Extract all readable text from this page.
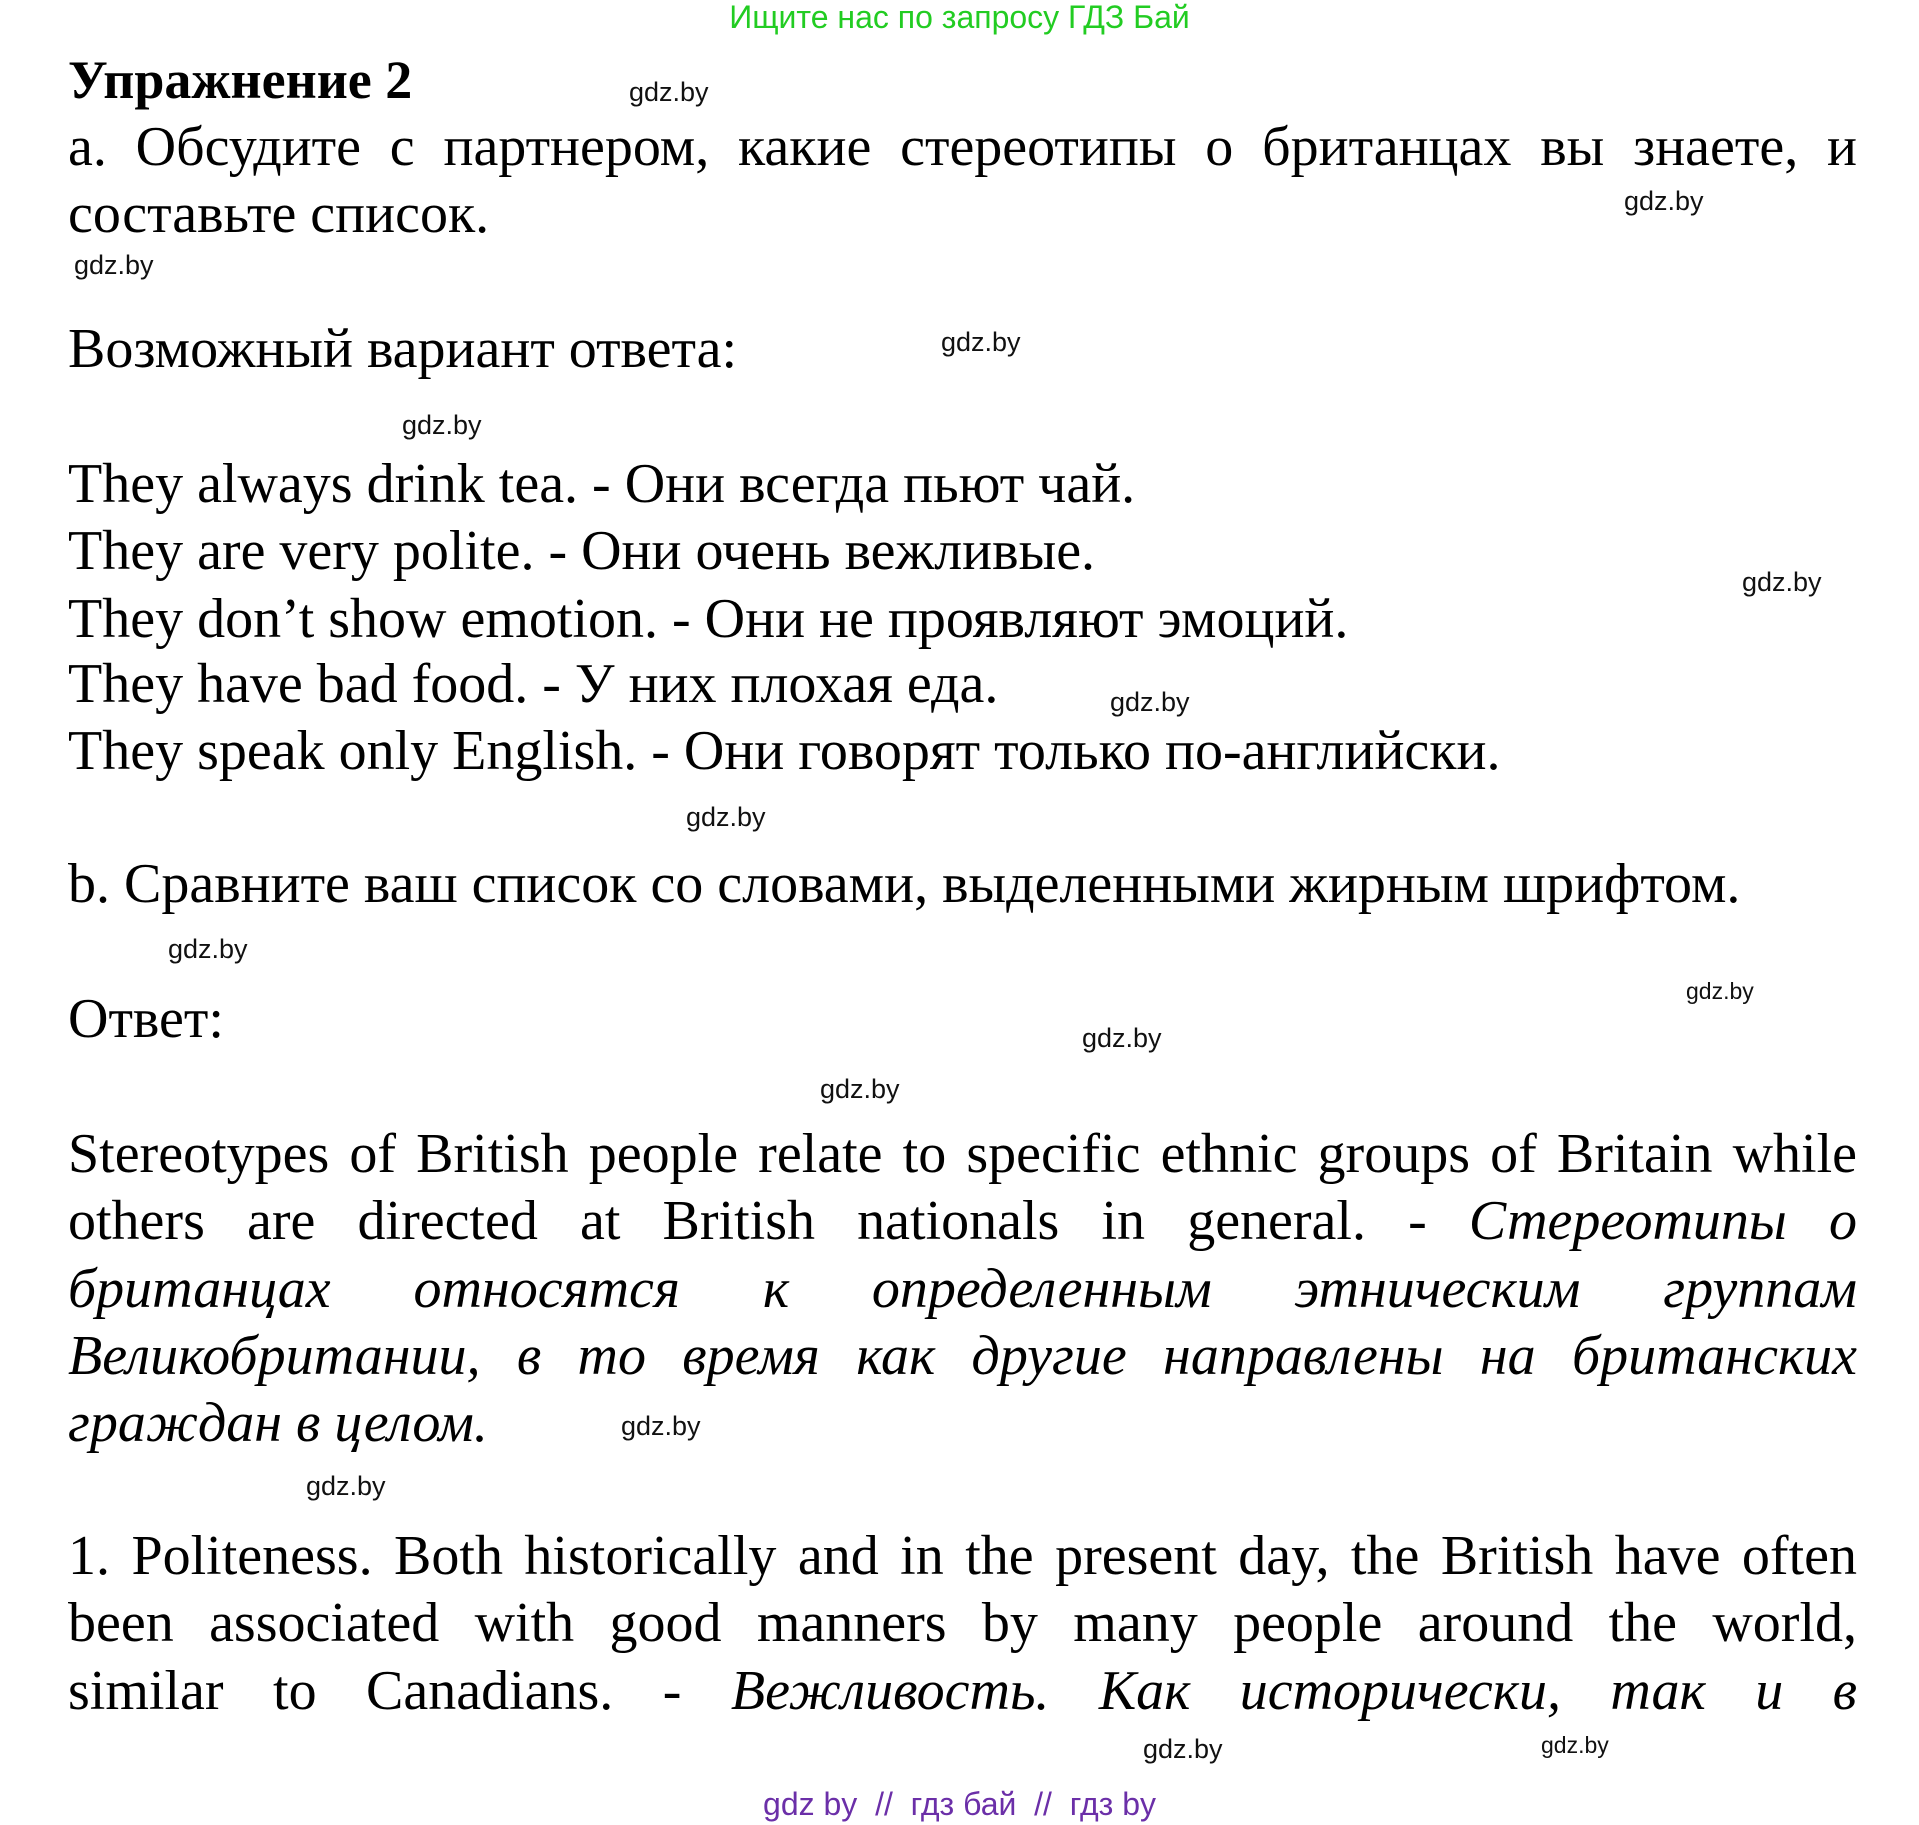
Ищите нас по запросу ГДЗ Бай
Упражнение 2
a. Обсудите с партнером, какие стереотипы о британцах вы знаете, и
составьте список.
Возможный вариант ответа:
They always drink tea. - Они всегда пьют чай.
They are very polite. - Они очень вежливые.
They don’t show emotion. - Они не проявляют эмоций.
They have bad food. - У них плохая еда.
They speak only English. - Они говорят только по-английски.
b. Сравните ваш список со словами, выделенными жирным шрифтом.
Ответ:
Stereotypes of British people relate to specific ethnic groups of Britain while
others are directed at British nationals in general. - Стереотипы о
британцах относятся к определенным этническим группам
Великобритании, в то время как другие направлены на британских
граждан в целом.
1. Politeness. Both historically and in the present day, the British have often
been associated with good manners by many people around the world,
similar to Canadians. - Вежливость. Как исторически, так и в
gdz.by
gdz.by
gdz.by
gdz.by
gdz.by
gdz.by
gdz.by
gdz.by
gdz.by
gdz.by
gdz.by
gdz.by
gdz.by
gdz.by
gdz.by
gdz.by
gdz by  //  гдз бай  //  гдз by
